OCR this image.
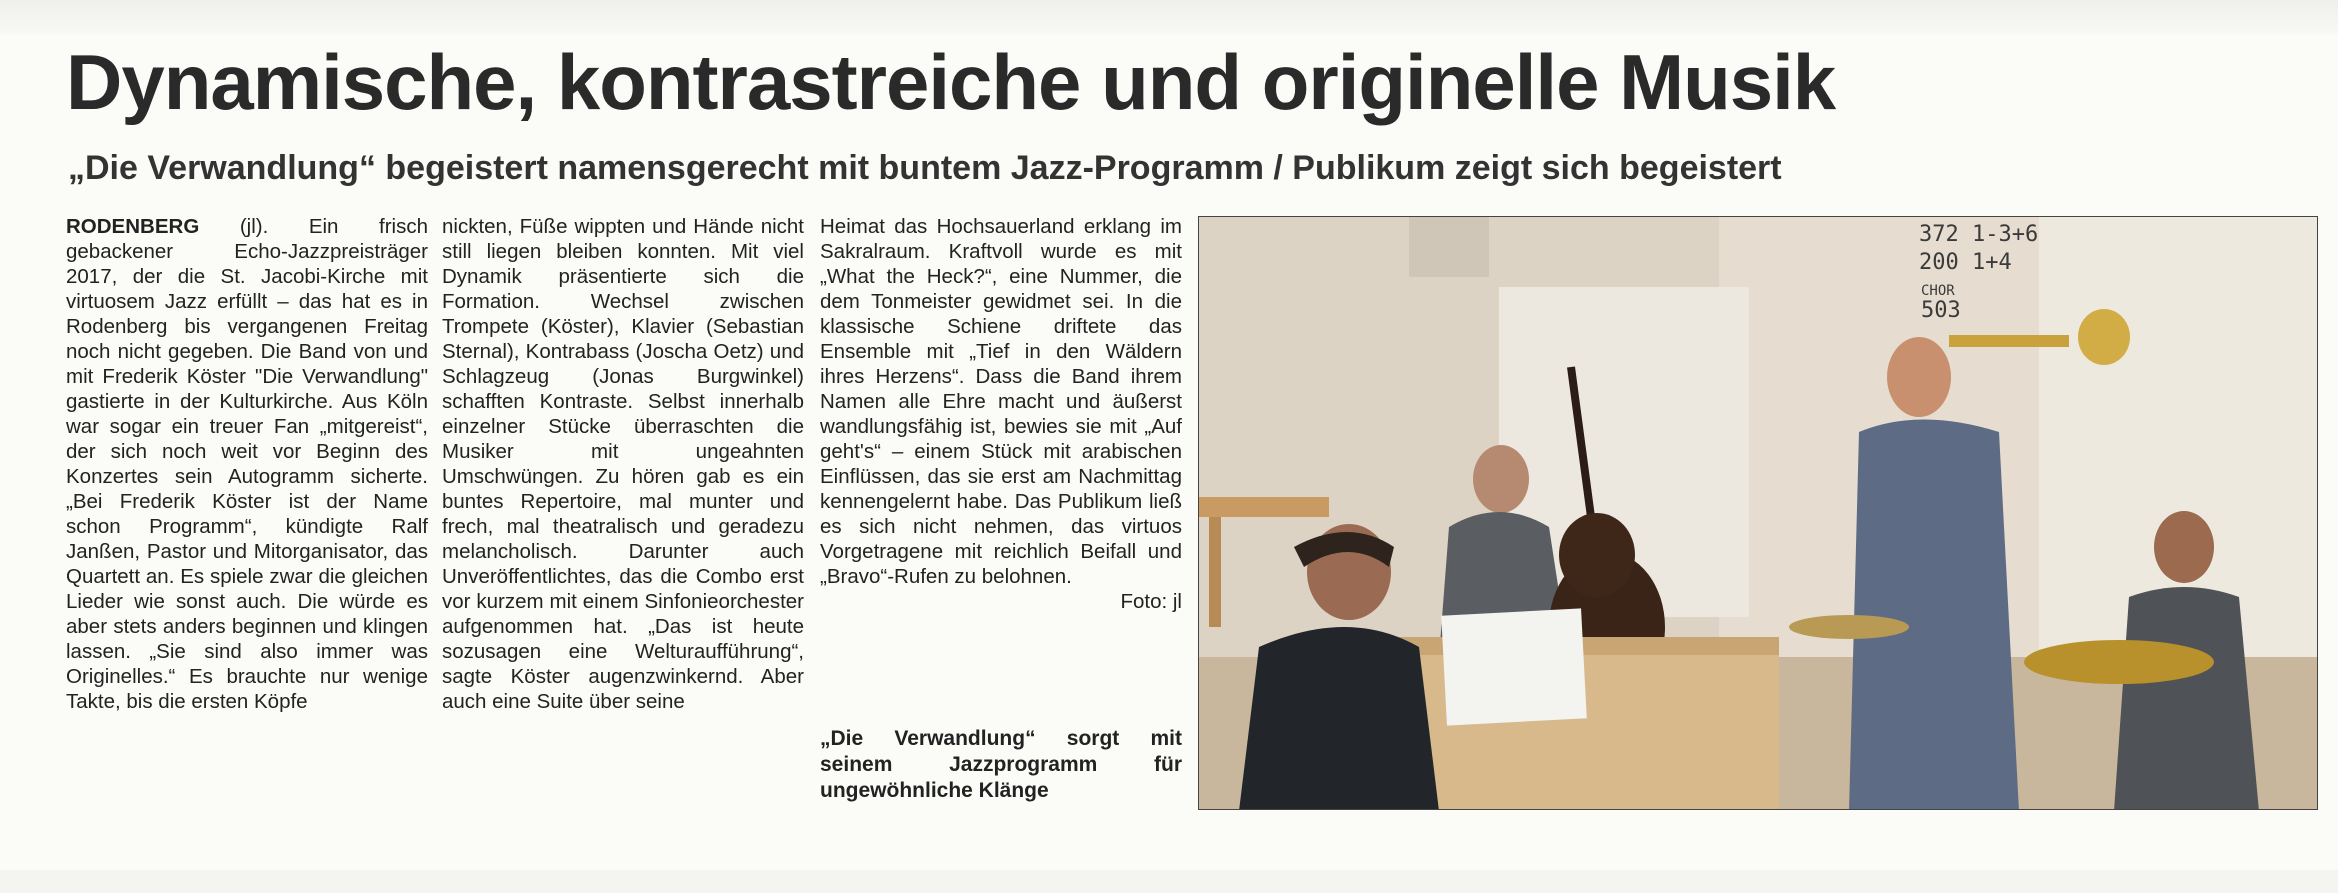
Dynamische, kontrastreiche und originelle Musik
„Die Verwandlung“ begeistert namensgerecht mit buntem Jazz-Programm / Publikum zeigt sich begeistert

RODENBERG (jl). Ein frisch gebackener Echo-Jazzpreisträger 2017, der die St. Jacobi-Kirche mit virtuosem Jazz erfüllt – das hat es in Rodenberg bis vergangenen Freitag noch nicht gegeben. Die Band von und mit Frederik Köster "Die Verwandlung" gastierte in der Kulturkirche. Aus Köln war sogar ein treuer Fan „mitgereist“, der sich noch weit vor Beginn des Konzertes sein Autogramm sicherte. „Bei Frederik Köster ist der Name schon Programm“, kündigte Ralf Janßen, Pastor und Mitorganisator, das Quartett an. Es spiele zwar die gleichen Lieder wie sonst auch. Die würde es aber stets anders beginnen und klingen lassen. „Sie sind also immer was Originelles.“ Es brauchte nur wenige Takte, bis die ersten Köpfe

nickten, Füße wippten und Hände nicht still liegen bleiben konnten. Mit viel Dynamik präsentierte sich die Formation. Wechsel zwischen Trompete (Köster), Klavier (Sebastian Sternal), Kontrabass (Joscha Oetz) und Schlagzeug (Jonas Burgwinkel) schafften Kontraste. Selbst innerhalb einzelner Stücke überraschten die Musiker mit ungeahnten Umschwüngen. Zu hören gab es ein buntes Repertoire, mal munter und frech, mal theatralisch und geradezu melancholisch. Darunter auch Unveröffentlichtes, das die Combo erst vor kurzem mit einem Sinfonieorchester aufgenommen hat. „Das ist heute sozusagen eine Welturaufführung“, sagte Köster augenzwinkernd. Aber auch eine Suite über seine

Heimat das Hochsauerland erklang im Sakralraum. Kraftvoll wurde es mit „What the Heck?“, eine Nummer, die dem Tonmeister gewidmet sei. In die klassische Schiene driftete das Ensemble mit „Tief in den Wäldern ihres Herzens“. Dass die Band ihrem Namen alle Ehre macht und äußerst wandlungsfähig ist, bewies sie mit „Auf geht's“ – einem Stück mit arabischen Einflüssen, das sie erst am Nachmittag kennengelernt habe. Das Publikum ließ es sich nicht nehmen, das virtuos Vorgetragene mit reichlich Beifall und „Bravo“-Rufen zu belohnen.
Foto: jl

„Die Verwandlung“ sorgt mit seinem Jazzprogramm für ungewöhnliche Klänge

372 1-3+6
200 1+4
CHOR
503
